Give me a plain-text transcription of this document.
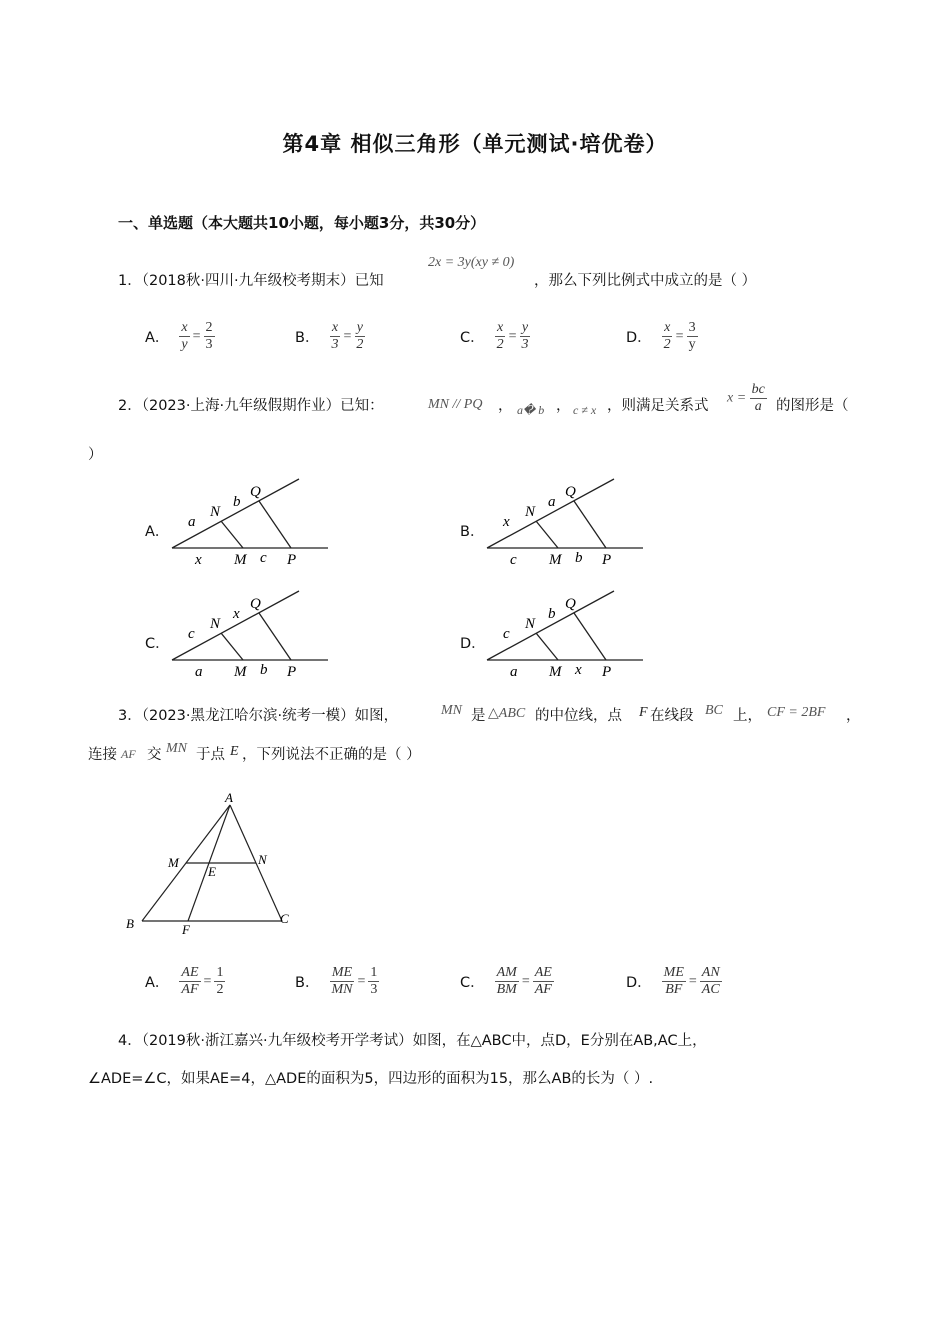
第4章 相似三角形（单元测试·培优卷）
一、单选题（本大题共10小题，每小题3分，共30分）
1．（2018秋·四川·九年级校考期末）已知
2x = 3y(xy ≠ 0)
，那么下列比例式中成立的是（ ）
A． $\frac{x}{y} = \frac{2}{3}$	B． $\frac{x}{3} = \frac{y}{2}$	C． $\frac{x}{2} = \frac{y}{3}$	D． $\frac{x}{2} = \frac{3}{y}$
2．（2023·上海·九年级假期作业）已知：	MN // PQ ， a� b ， c ≠ x ，则满足关系式 $x = \frac{bc}{a}$ 的图形是（
）
A．
N
Q
M	P
a
b
x	c
B．
N
Q
M	P
x
a
c	b
C．
N
Q
M	P
c
x
a	b
D．
N
Q
M	P
c
b
a	x
3．（2023·黑龙江哈尔滨·统考一模）如图，	MN 是 △ABC 的中位线，点 F 在线段 BC 上， CF = 2BF ，
连接 AF 交 MN 于点 E ，下列说法不正确的是（ ）
A
M	N
E
B	F
C
A． $\frac{AE}{AF} = \frac{1}{2}$	B． $\frac{ME}{MN} = \frac{1}{3}$	C． $\frac{AM}{BM} = \frac{AE}{AF}$	D． $\frac{ME}{BF} = \frac{AN}{AC}$
4．（2019秋·浙江嘉兴·九年级校考开学考试）如图，在△ABC中，点D，E分别在AB,AC上，
∠ADE=∠C，如果AE=4，△ADE的面积为5，四边形的面积为15，那么AB的长为（ ）.
